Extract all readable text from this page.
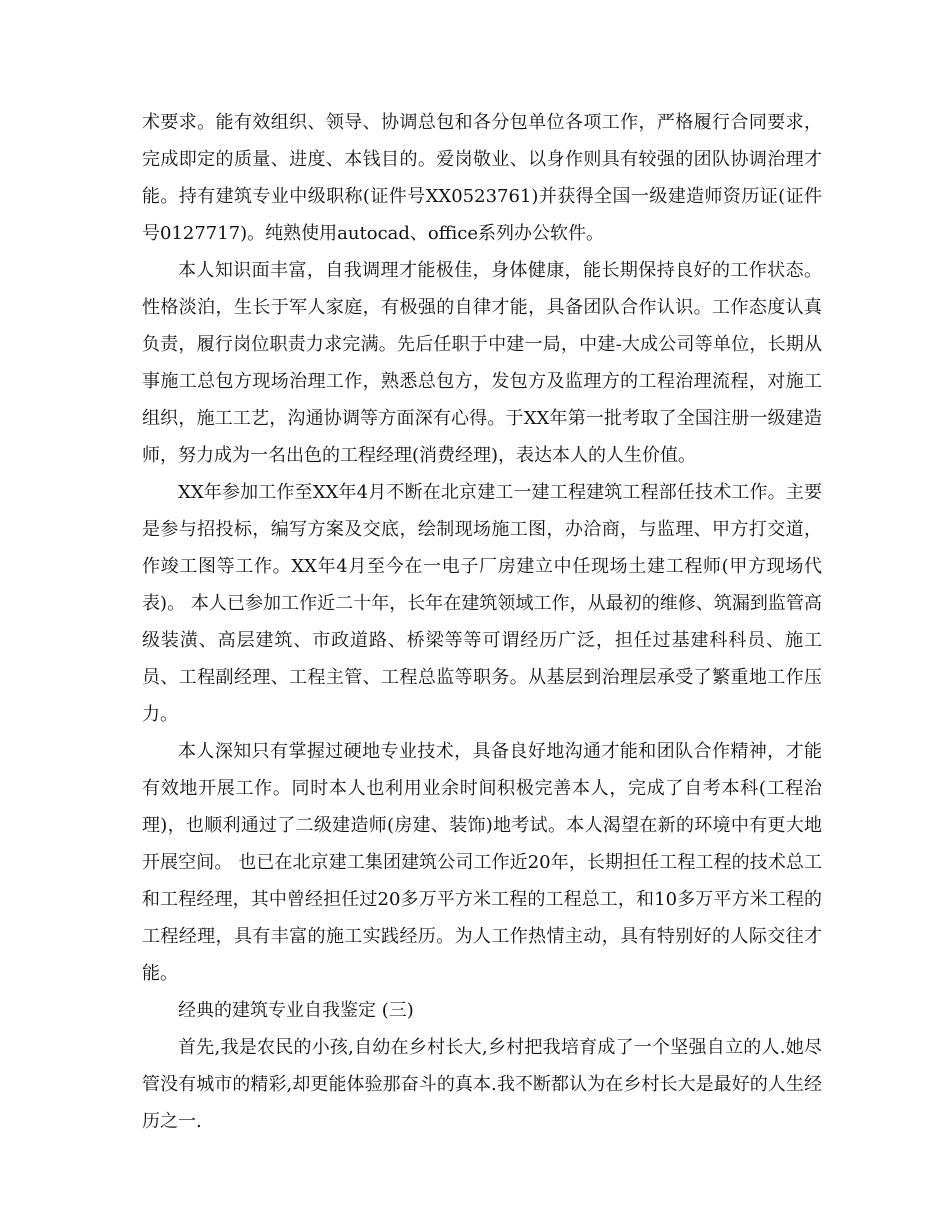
术要求。能有效组织、领导、协调总包和各分包单位各项工作，严格履行合同要求，完成即定的质量、进度、本钱目的。爱岗敬业、以身作则具有较强的团队协调治理才能。持有建筑专业中级职称(证件号XX0523761)并获得全国一级建造师资历证(证件号0127717)。纯熟使用autocad、office系列办公软件。

本人知识面丰富，自我调理才能极佳，身体健康，能长期保持良好的工作状态。性格淡泊，生长于军人家庭，有极强的自律才能，具备团队合作认识。工作态度认真负责，履行岗位职责力求完满。先后任职于中建一局，中建-大成公司等单位，长期从事施工总包方现场治理工作，熟悉总包方，发包方及监理方的工程治理流程，对施工组织，施工工艺，沟通协调等方面深有心得。于XX年第一批考取了全国注册一级建造师，努力成为一名出色的工程经理(消费经理)，表达本人的人生价值。

XX年参加工作至XX年4月不断在北京建工一建工程建筑工程部任技术工作。主要是参与招投标，编写方案及交底，绘制现场施工图，办洽商，与监理、甲方打交道，作竣工图等工作。XX年4月至今在一电子厂房建立中任现场土建工程师(甲方现场代表)。 本人已参加工作近二十年，长年在建筑领域工作，从最初的维修、筑漏到监管高级装潢、高层建筑、市政道路、桥梁等等可谓经历广泛，担任过基建科科员、施工员、工程副经理、工程主管、工程总监等职务。从基层到治理层承受了繁重地工作压力。

本人深知只有掌握过硬地专业技术，具备良好地沟通才能和团队合作精神，才能有效地开展工作。同时本人也利用业余时间积极完善本人，完成了自考本科(工程治理)，也顺利通过了二级建造师(房建、装饰)地考试。本人渴望在新的环境中有更大地开展空间。 也已在北京建工集团建筑公司工作近20年，长期担任工程工程的技术总工和工程经理，其中曾经担任过20多万平方米工程的工程总工，和10多万平方米工程的工程经理，具有丰富的施工实践经历。为人工作热情主动，具有特别好的人际交往才能。

经典的建筑专业自我鉴定 (三)

首先,我是农民的小孩,自幼在乡村长大,乡村把我培育成了一个坚强自立的人.她尽管没有城市的精彩,却更能体验那奋斗的真本.我不断都认为在乡村长大是最好的人生经历之一.
